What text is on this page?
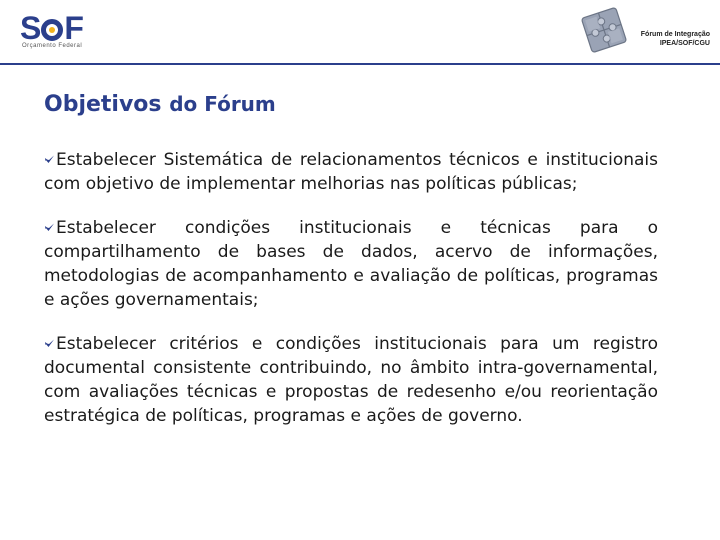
S F
Orçamento Federal
Fórum de Integração
IPEA/SOF/CGU
Objetivos do Fórum
Estabelecer Sistemática de relacionamentos técnicos e institucionais com objetivo de implementar melhorias nas políticas públicas;
Estabelecer condições institucionais e técnicas para o compartilhamento de bases de dados, acervo de informações, metodologias de acompanhamento e avaliação de políticas, programas e ações governamentais;
Estabelecer critérios e condições institucionais para um registro documental consistente contribuindo, no âmbito intra-governamental, com avaliações técnicas e propostas de redesenho e/ou reorientação estratégica de políticas, programas e ações de governo.
